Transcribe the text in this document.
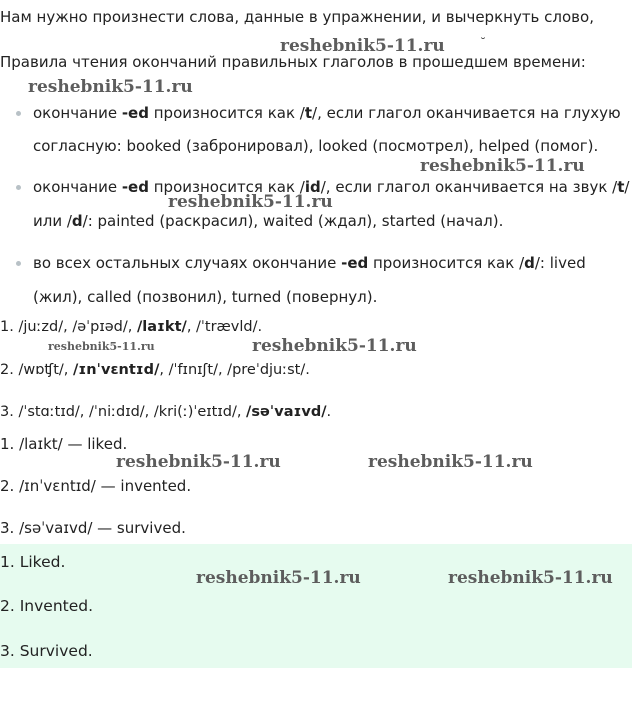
Нам нужно произнести слова, данные в упражнении, и вычеркнуть слово,
reshebnik5-11.ru	˘
Правила чтения окончаний правильных глаголов в прошедшем времени:
reshebnik5-11.ru
окончание -ed произносится как /t/, если глагол оканчивается на глухую
согласную: booked (забронировал), looked (посмотрел), helped (помог).
reshebnik5-11.ru
окончание -ed произносится как /id/, если глагол оканчивается на звук /t/
reshebnik5-11.ru
или /d/: painted (раскрасил), waited (ждал), started (начал).
во всех остальных случаях окончание -ed произносится как /d/: lived
(жил), called (позвонил), turned (повернул).
1. /juːzd/, /əˈpɪəd/, /laɪkt/, /ˈtrævld/.
reshebnik5-11.ru	reshebnik5-11.ru
2. /wɒʧt/, /ɪnˈvɛntɪd/, /ˈfɪnɪʃt/, /preˈdjuːst/.
3. /ˈstɑːtɪd/, /ˈniːdɪd/, /kri(ː)ˈeɪtɪd/, /səˈvaɪvd/.
1. /laɪkt/ — liked.
reshebnik5-11.ru	reshebnik5-11.ru
2. /ɪnˈvɛntɪd/ — invented.
3. /səˈvaɪvd/ — survived.
1. Liked.
reshebnik5-11.ru	reshebnik5-11.ru
2. Invented.
3. Survived.
